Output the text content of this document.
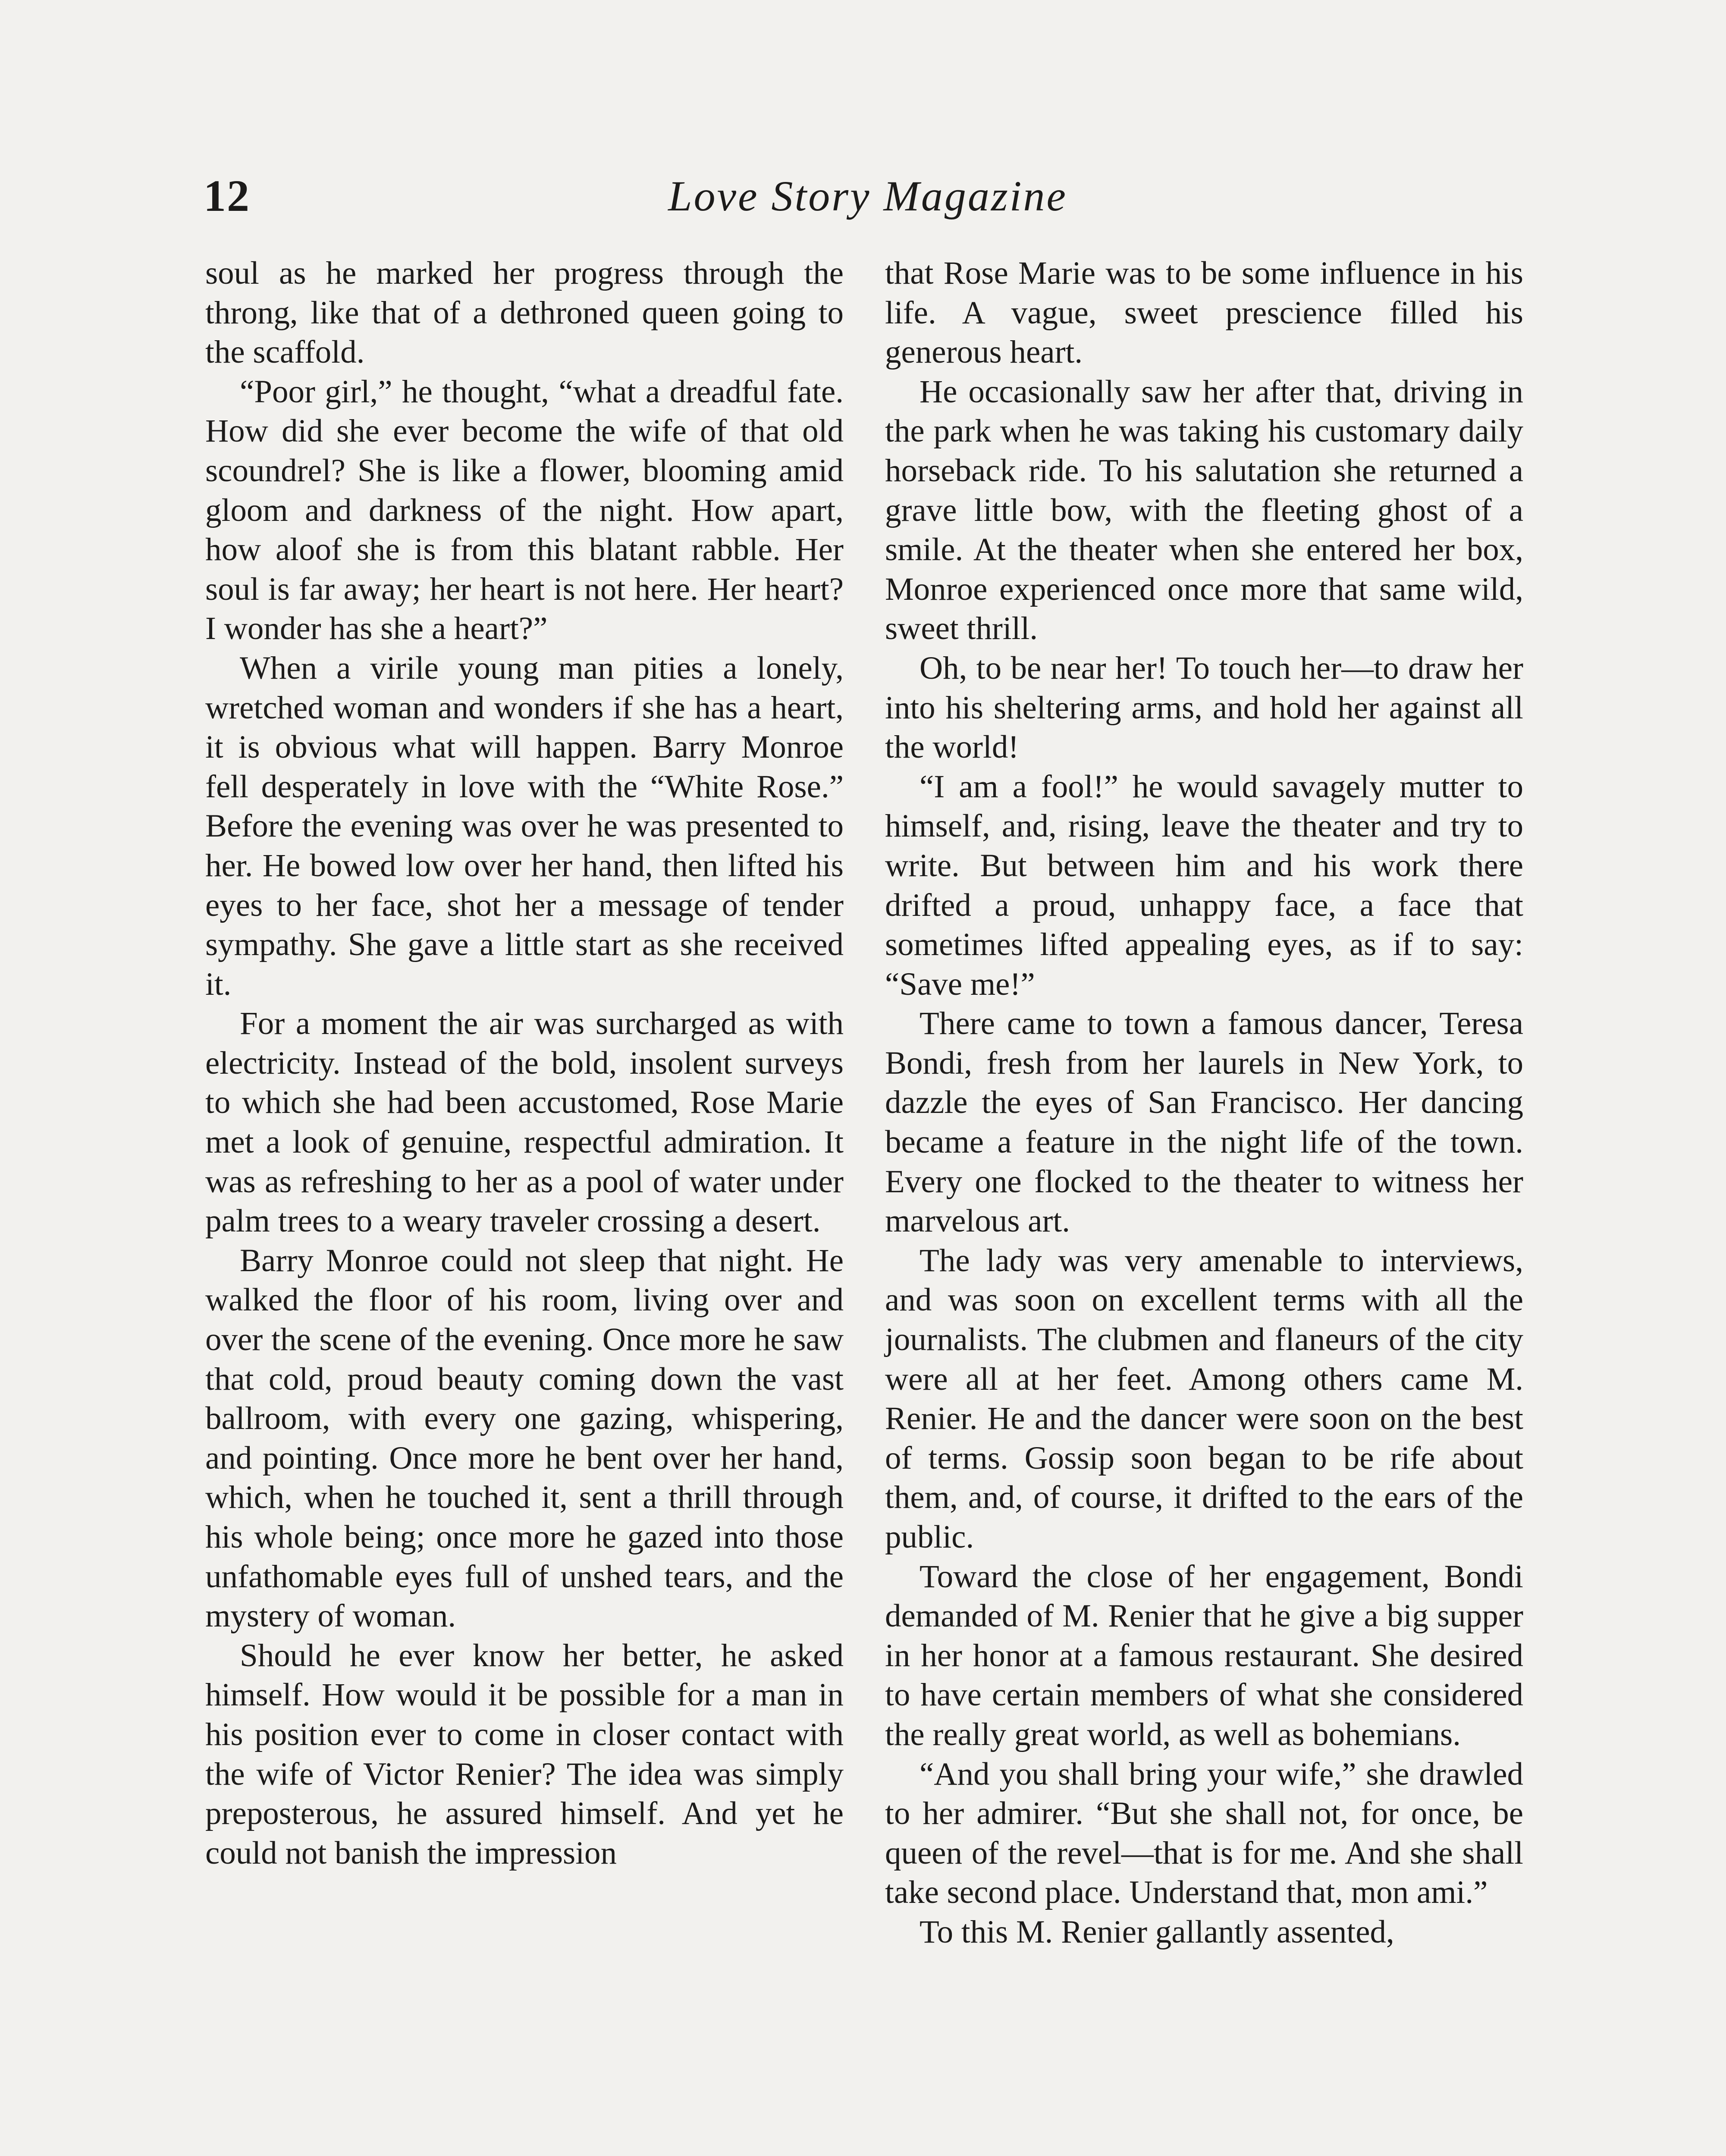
12	Love Story Magazine

soul as he marked her progress through the throng, like that of a dethroned queen going to the scaffold.

“Poor girl,” he thought, “what a dreadful fate. How did she ever become the wife of that old scoundrel? She is like a flower, blooming amid gloom and darkness of the night. How apart, how aloof she is from this blatant rabble. Her soul is far away; her heart is not here. Her heart? I wonder has she a heart?”

When a virile young man pities a lonely, wretched woman and wonders if she has a heart, it is obvious what will happen. Barry Monroe fell desperately in love with the “White Rose.” Before the evening was over he was presented to her. He bowed low over her hand, then lifted his eyes to her face, shot her a message of tender sympathy. She gave a little start as she received it.

For a moment the air was surcharged as with electricity. Instead of the bold, insolent surveys to which she had been accustomed, Rose Marie met a look of genuine, respectful admiration. It was as refreshing to her as a pool of water under palm trees to a weary traveler crossing a desert.

Barry Monroe could not sleep that night. He walked the floor of his room, living over and over the scene of the evening. Once more he saw that cold, proud beauty coming down the vast ballroom, with every one gazing, whispering, and pointing. Once more he bent over her hand, which, when he touched it, sent a thrill through his whole being; once more he gazed into those unfathomable eyes full of unshed tears, and the mystery of woman.

Should he ever know her better, he asked himself. How would it be possible for a man in his position ever to come in closer contact with the wife of Victor Renier? The idea was simply preposterous, he assured himself. And yet he could not banish the impression

that Rose Marie was to be some influence in his life. A vague, sweet prescience filled his generous heart.

He occasionally saw her after that, driving in the park when he was taking his customary daily horseback ride. To his salutation she returned a grave little bow, with the fleeting ghost of a smile. At the theater when she entered her box, Monroe experienced once more that same wild, sweet thrill.

Oh, to be near her! To touch her—to draw her into his sheltering arms, and hold her against all the world!

“I am a fool!” he would savagely mutter to himself, and, rising, leave the theater and try to write. But between him and his work there drifted a proud, unhappy face, a face that sometimes lifted appealing eyes, as if to say: “Save me!”

There came to town a famous dancer, Teresa Bondi, fresh from her laurels in New York, to dazzle the eyes of San Francisco. Her dancing became a feature in the night life of the town. Every one flocked to the theater to witness her marvelous art.

The lady was very amenable to interviews, and was soon on excellent terms with all the journalists. The clubmen and flaneurs of the city were all at her feet. Among others came M. Renier. He and the dancer were soon on the best of terms. Gossip soon began to be rife about them, and, of course, it drifted to the ears of the public.

Toward the close of her engagement, Bondi demanded of M. Renier that he give a big supper in her honor at a famous restaurant. She desired to have certain members of what she considered the really great world, as well as bohemians.

“And you shall bring your wife,” she drawled to her admirer. “But she shall not, for once, be queen of the revel—that is for me. And she shall take second place. Understand that, mon ami.”

To this M. Renier gallantly assented,
